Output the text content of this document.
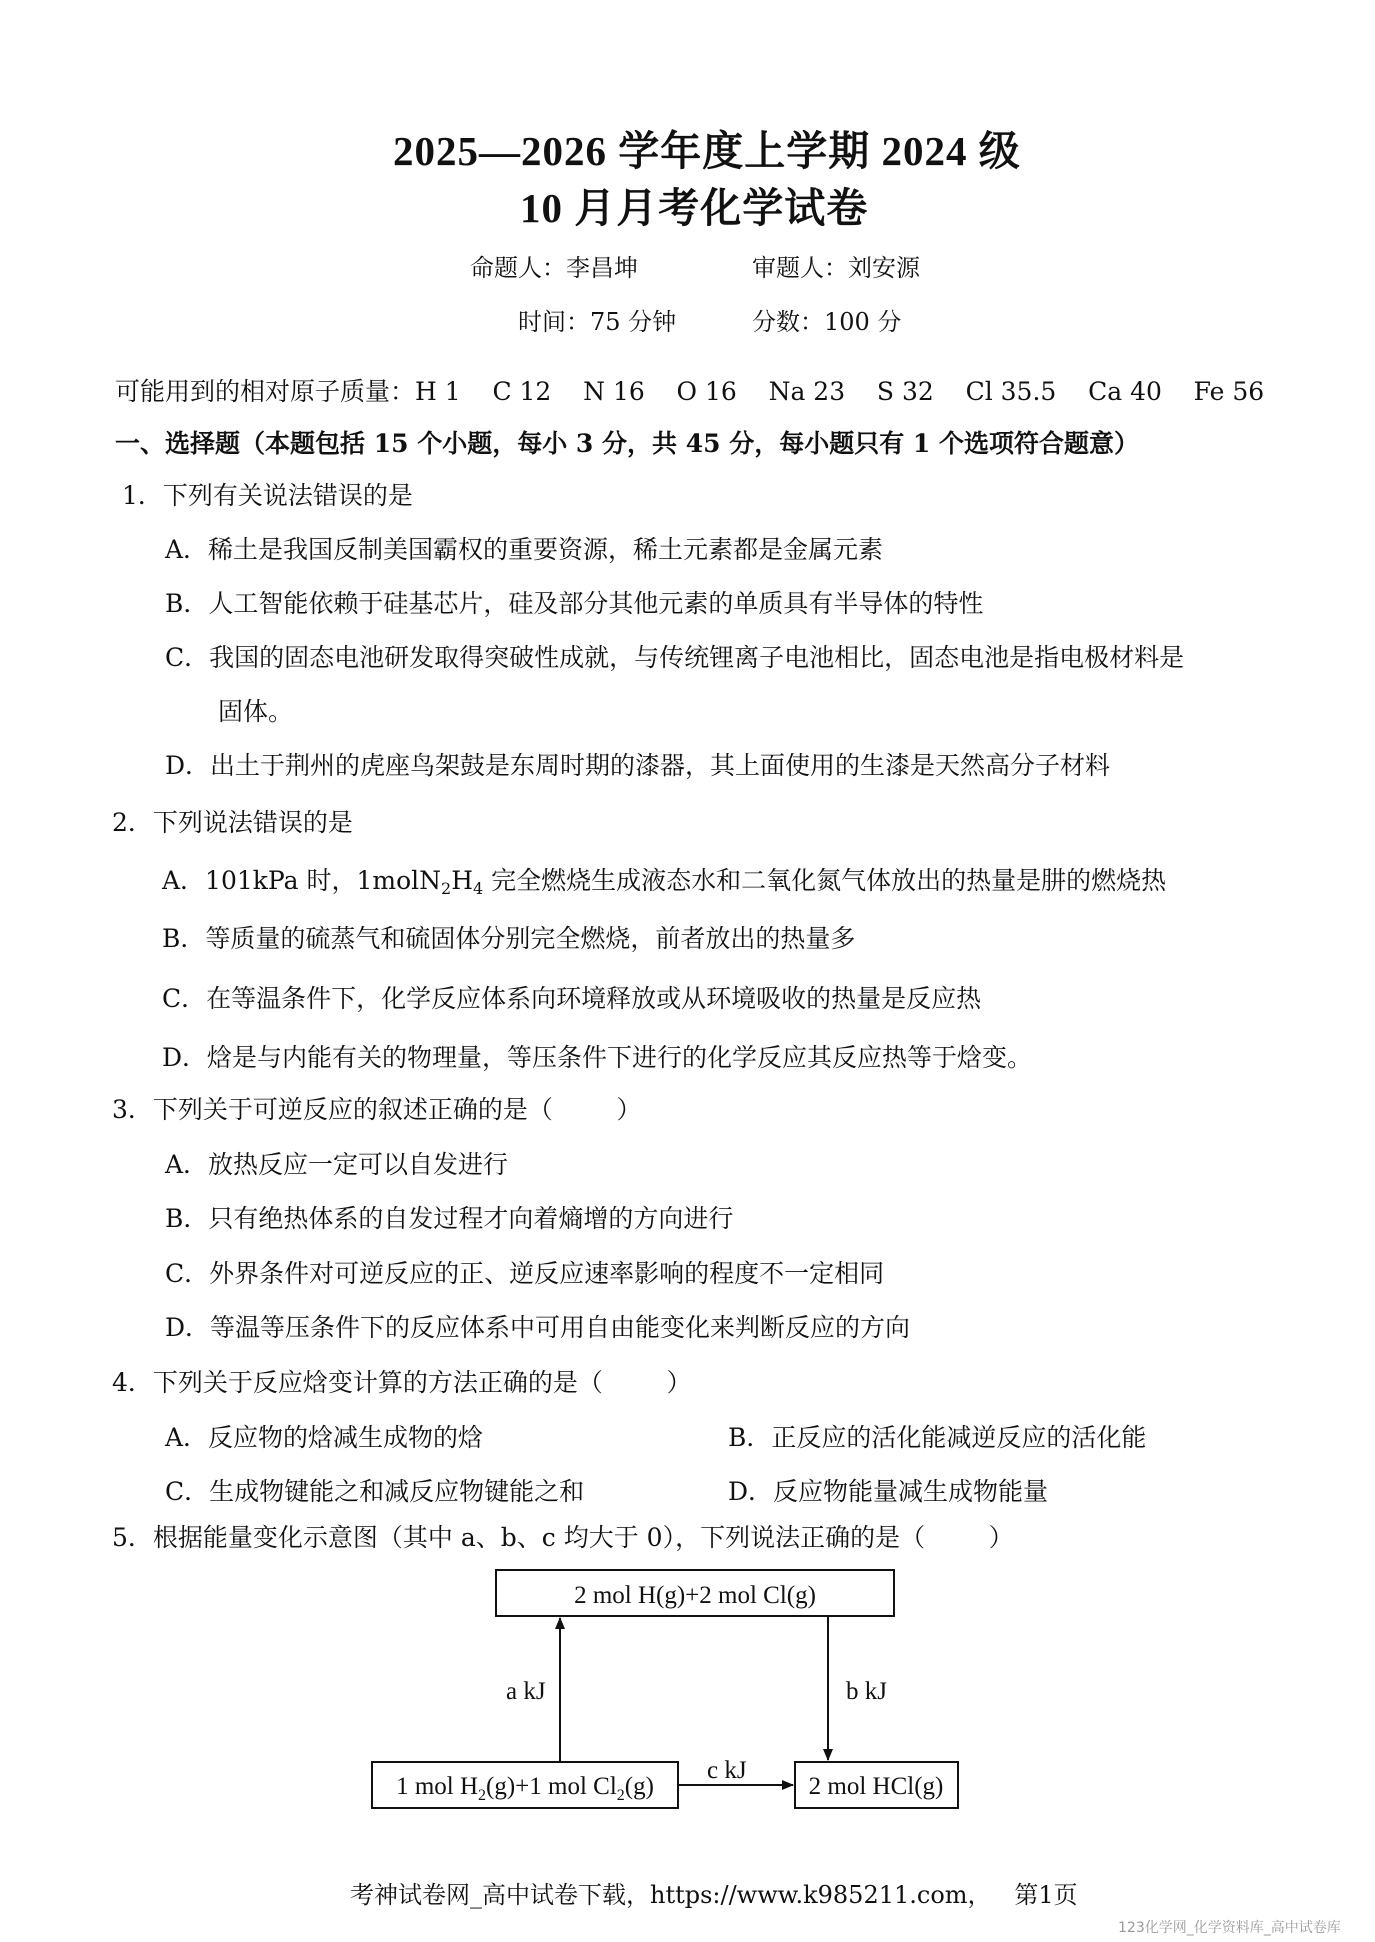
2025—2026 学年度上学期 2024 级
10 月月考化学试卷
命题人：李昌坤	审题人：刘安源
时间：75 分钟	分数：100 分
可能用到的相对原子质量：H 1    C 12    N 16    O 16    Na 23    S 32    Cl 35.5    Ca 40    Fe 56
一、选择题（本题包括 15 个小题，每小 3 分，共 45 分，每小题只有 1 个选项符合题意）
1．下列有关说法错误的是
A．稀土是我国反制美国霸权的重要资源，稀土元素都是金属元素
B．人工智能依赖于硅基芯片，硅及部分其他元素的单质具有半导体的特性
C．我国的固态电池研发取得突破性成就，与传统锂离子电池相比，固态电池是指电极材料是
固体。
D．出土于荆州的虎座鸟架鼓是东周时期的漆器，其上面使用的生漆是天然高分子材料
2．下列说法错误的是
A．101kPa 时，$1molN_2H_4$ 完全燃烧生成液态水和二氧化氮气体放出的热量是肼的燃烧热
B．等质量的硫蒸气和硫固体分别完全燃烧，前者放出的热量多
C．在等温条件下，化学反应体系向环境释放或从环境吸收的热量是反应热
D．焓是与内能有关的物理量，等压条件下进行的化学反应其反应热等于焓变。
3．下列关于可逆反应的叙述正确的是（        ）
A．放热反应一定可以自发进行
B．只有绝热体系的自发过程才向着熵增的方向进行
C．外界条件对可逆反应的正、逆反应速率影响的程度不一定相同
D．等温等压条件下的反应体系中可用自由能变化来判断反应的方向
4．下列关于反应焓变计算的方法正确的是（        ）
A．反应物的焓减生成物的焓	B．正反应的活化能减逆反应的活化能
C．生成物键能之和减反应物键能之和	D．反应物能量减生成物能量
5．根据能量变化示意图（其中 a、b、c 均大于 0），下列说法正确的是（        ）
2 mol H(g)+2 mol Cl(g)
1 mol $H_2(g)+1$ mol $Cl_2(g)$	2 mol HCl(g)
a kJ	b kJ
c kJ
考神试卷网_高中试卷下载，https://www.k985211.com，   第1页
123化学网_化学资料库_高中试卷库
